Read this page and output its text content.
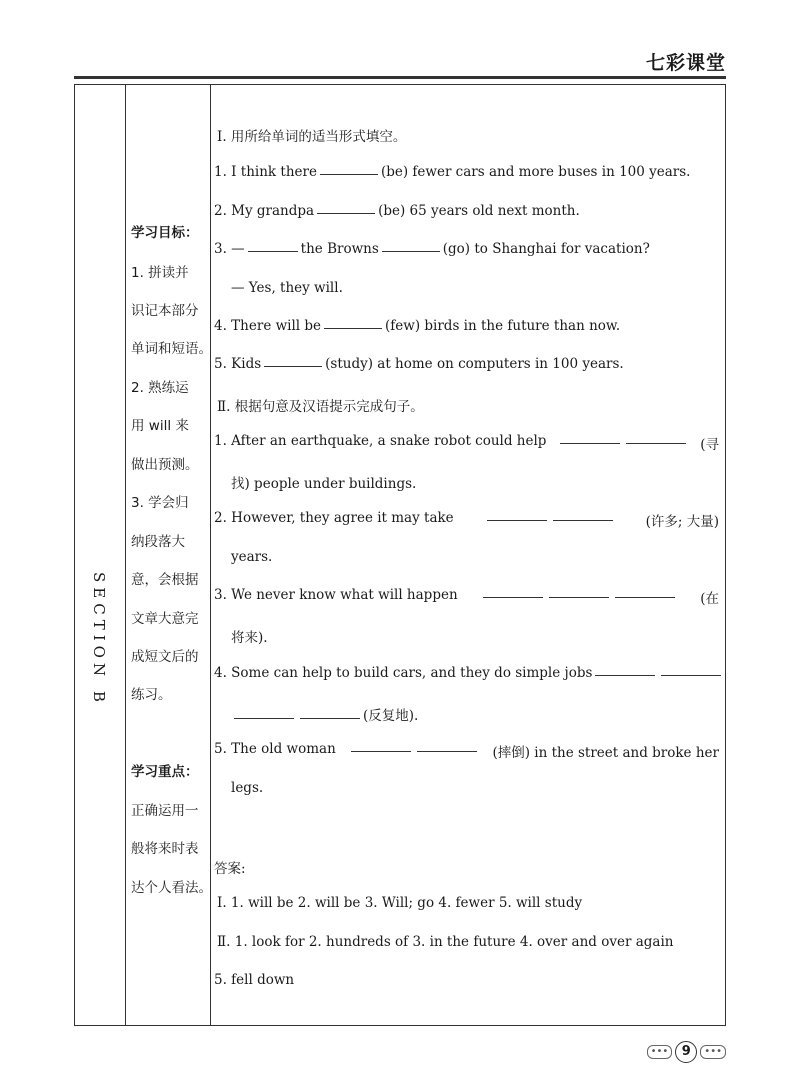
七彩课堂
SECTION B
学习目标：
1. 拼读并
识记本部分
单词和短语。
2. 熟练运
用 will 来
做出预测。
3. 学会归
纳段落大
意，会根据
文章大意完
成短文后的
练习。
学习重点：
正确运用一
般将来时表
达个人看法。
Ⅰ. 用所给单词的适当形式填空。
1. I think there	(be) fewer cars and more buses in 100 years.
2. My grandpa	(be) 65 years old next month.
3. —	the Browns	(go) to Shanghai for vacation?
— Yes, they will.
4. There will be	(few) birds in the future than now.
5. Kids	(study) at home on computers in 100 years.
Ⅱ. 根据句意及汉语提示完成句子。
1. After an earthquake, a snake robot could help	(寻
找) people under buildings.
2. However, they agree it may take	(许多; 大量)
years.
3. We never know what will happen	(在
将来).
4. Some can help to build cars, and they do simple jobs
(反复地).
5. The old woman	(摔倒) in the street and broke her
legs.
答案:
Ⅰ. 1. will be 2. will be 3. Will; go 4. fewer 5. will study
Ⅱ. 1. look for 2. hundreds of 3. in the future 4. over and over again
5. fell down
•••	9	•••
